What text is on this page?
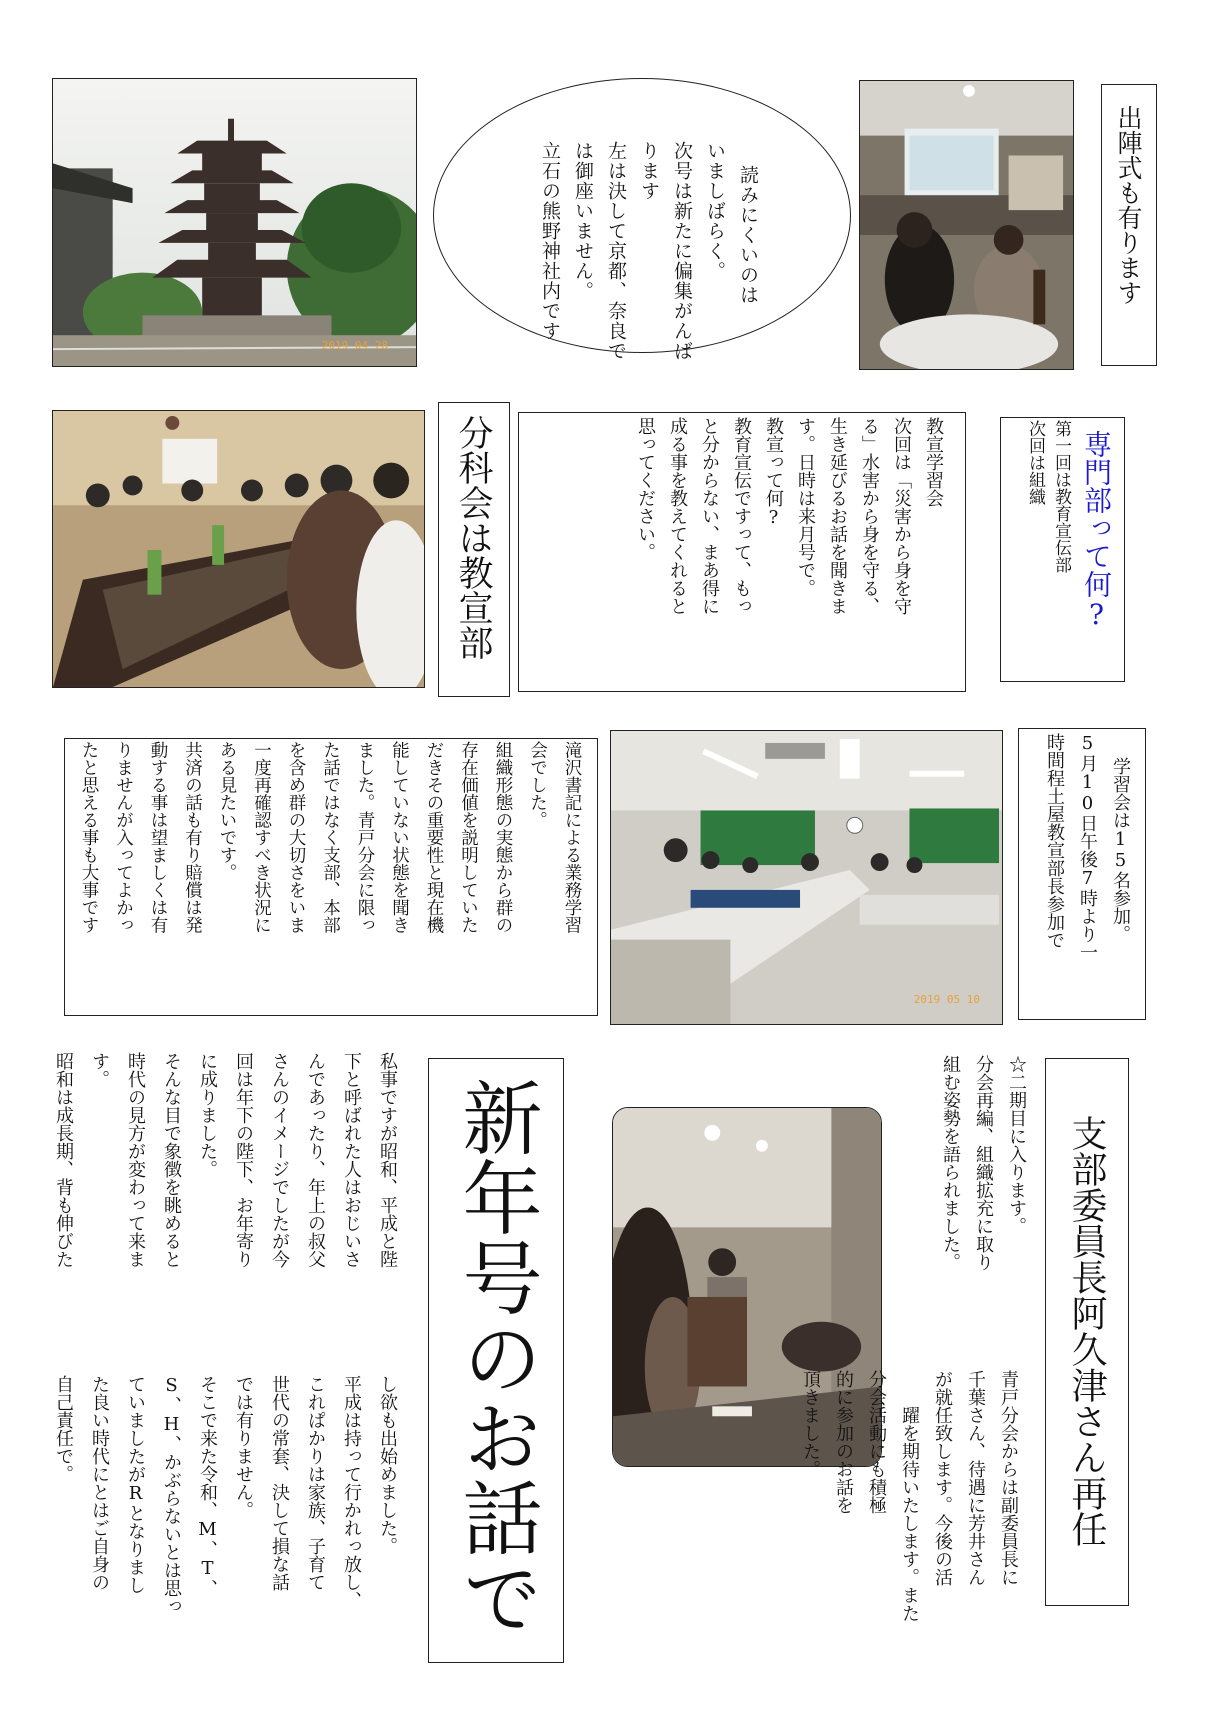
2019 04 28

読みにくいのは

いましばらく。

次号は新たに偏集がんば

ります

左は決して京都、奈良で

は御座いません。

立石の熊野神社内です	出陣式も有ります

分科会は教宣部	教宣学習会

次回は「災害から身を守

る」水害から身を守る、

生き延びるお話を聞きま

す。日時は来月号で。

教宣って何?

教育宣伝ですって、もっ

と分からない、まあ得に

成る事を教えてくれると

思ってください。	専門部って何?

第一回は教育宣伝部

次回は組織

滝沢書記による業務学習

会でした。

組織形態の実態から群の

存在価値を説明していた

だきその重要性と現在機

能していない状態を聞き

ました。青戸分会に限っ

た話ではなく支部、本部

を含め群の大切さをいま

一度再確認すべき状況に

ある見たいです。

共済の話も有り賠償は発

動する事は望ましくは有

りませんが入ってよかっ

たと思える事も大事です

2019 05 10

学習会は15名参加。

5月10日午後7時より一

時間程土屋教宣部長参加で

私事ですが昭和、平成と陛

下と呼ばれた人はおじいさ

んであったり、年上の叔父

さんのイメージでしたが今

回は年下の陛下、お年寄り

に成りました。

そんな目で象徴を眺めると

時代の見方が変わって来ま

す。

昭和は成長期、背も伸びた

し欲も出始めました。

平成は持って行かれっ放し、

これぱかりは家族、子育て

世代の常套、決して損な話

では有りません。

そこで来た令和、M、T、

S、H、かぶらないとは思っ

ていましたがRとなりまし

た良い時代にとはご自身の

自己責任で。	新年号のお話で	☆二期目に入ります。

分会再編、組織拡充に取り

組む姿勢を語られました。

青戸分会からは副委員長に

千葉さん、待遇に芳井さん

が就任致します。今後の活

躍を期待いたします。また

分会活動にも積極

的に参加のお話を

頂きました。	支部委員長阿久津さん再任
